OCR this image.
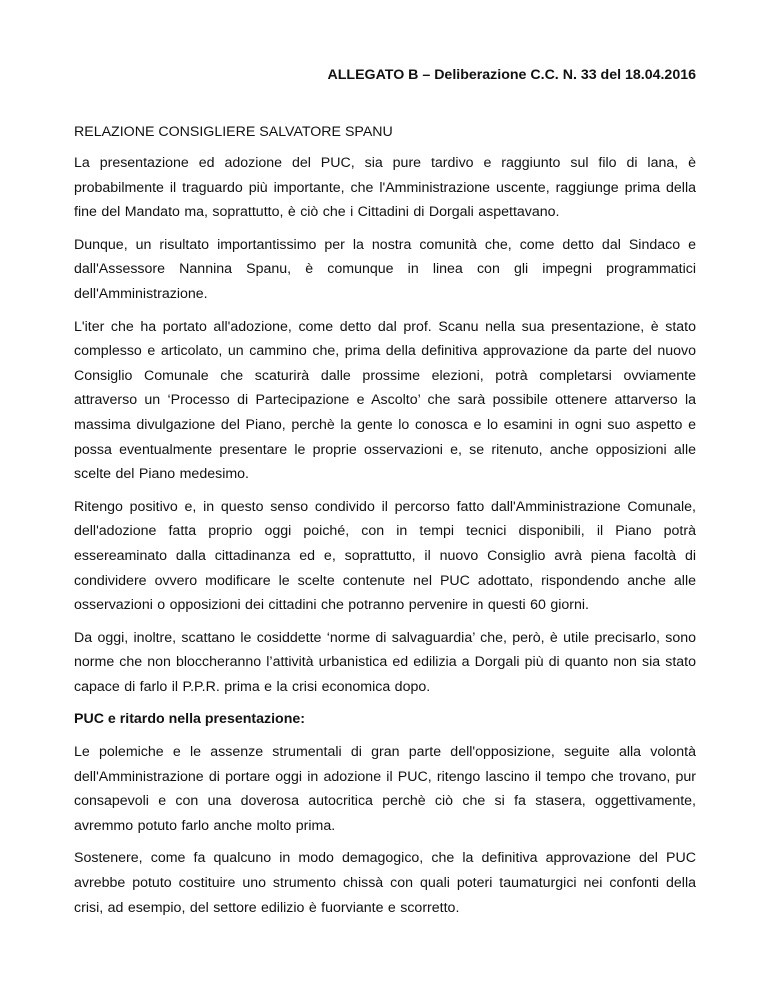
ALLEGATO B – Deliberazione C.C. N. 33 del 18.04.2016
RELAZIONE CONSIGLIERE SALVATORE SPANU

La presentazione ed adozione del PUC, sia pure tardivo e raggiunto sul filo di lana, è probabilmente il traguardo più importante, che l'Amministrazione uscente, raggiunge prima della fine del Mandato ma, soprattutto, è ciò che i Cittadini di Dorgali aspettavano.

Dunque, un risultato importantissimo per la nostra comunità che, come detto dal Sindaco e dall'Assessore Nannina Spanu, è comunque in linea con gli impegni programmatici dell'Amministrazione.

L'iter che ha portato all'adozione, come detto dal prof. Scanu nella sua presentazione, è stato complesso e articolato, un cammino che, prima della definitiva approvazione da parte del nuovo Consiglio Comunale che scaturirà dalle prossime elezioni, potrà completarsi ovviamente attraverso un ‘Processo di Partecipazione e Ascolto’ che sarà possibile ottenere attarverso la massima divulgazione del Piano, perchè la gente lo conosca e lo esamini in ogni suo aspetto e possa eventualmente presentare le proprie osservazioni e, se ritenuto, anche opposizioni alle scelte del Piano medesimo.

Ritengo positivo e, in questo senso condivido il percorso fatto dall'Amministrazione Comunale, dell'adozione fatta proprio oggi poiché, con in tempi tecnici disponibili, il Piano potrà essereaminato dalla cittadinanza ed e, soprattutto, il nuovo Consiglio avrà piena facoltà di condividere ovvero modificare le scelte contenute nel PUC adottato, rispondendo anche alle osservazioni o opposizioni dei cittadini che potranno pervenire in questi 60 giorni.

Da oggi, inoltre, scattano le cosiddette ‘norme di salvaguardia’ che, però, è utile precisarlo, sono norme che non bloccheranno l’attività urbanistica ed edilizia a Dorgali più di quanto non sia stato capace di farlo il P.P.R. prima e la crisi economica dopo.

PUC e ritardo nella presentazione:

Le polemiche e le assenze strumentali di gran parte dell'opposizione, seguite alla volontà dell'Amministrazione di portare oggi in adozione il PUC, ritengo lascino il tempo che trovano, pur consapevoli e con una doverosa autocritica perchè ciò che si fa stasera, oggettivamente, avremmo potuto farlo anche molto prima.

Sostenere, come fa qualcuno in modo demagogico, che la definitiva approvazione del PUC avrebbe potuto costituire uno strumento chissà con quali poteri taumaturgici nei confonti della crisi, ad esempio, del settore edilizio è fuorviante e scorretto.
